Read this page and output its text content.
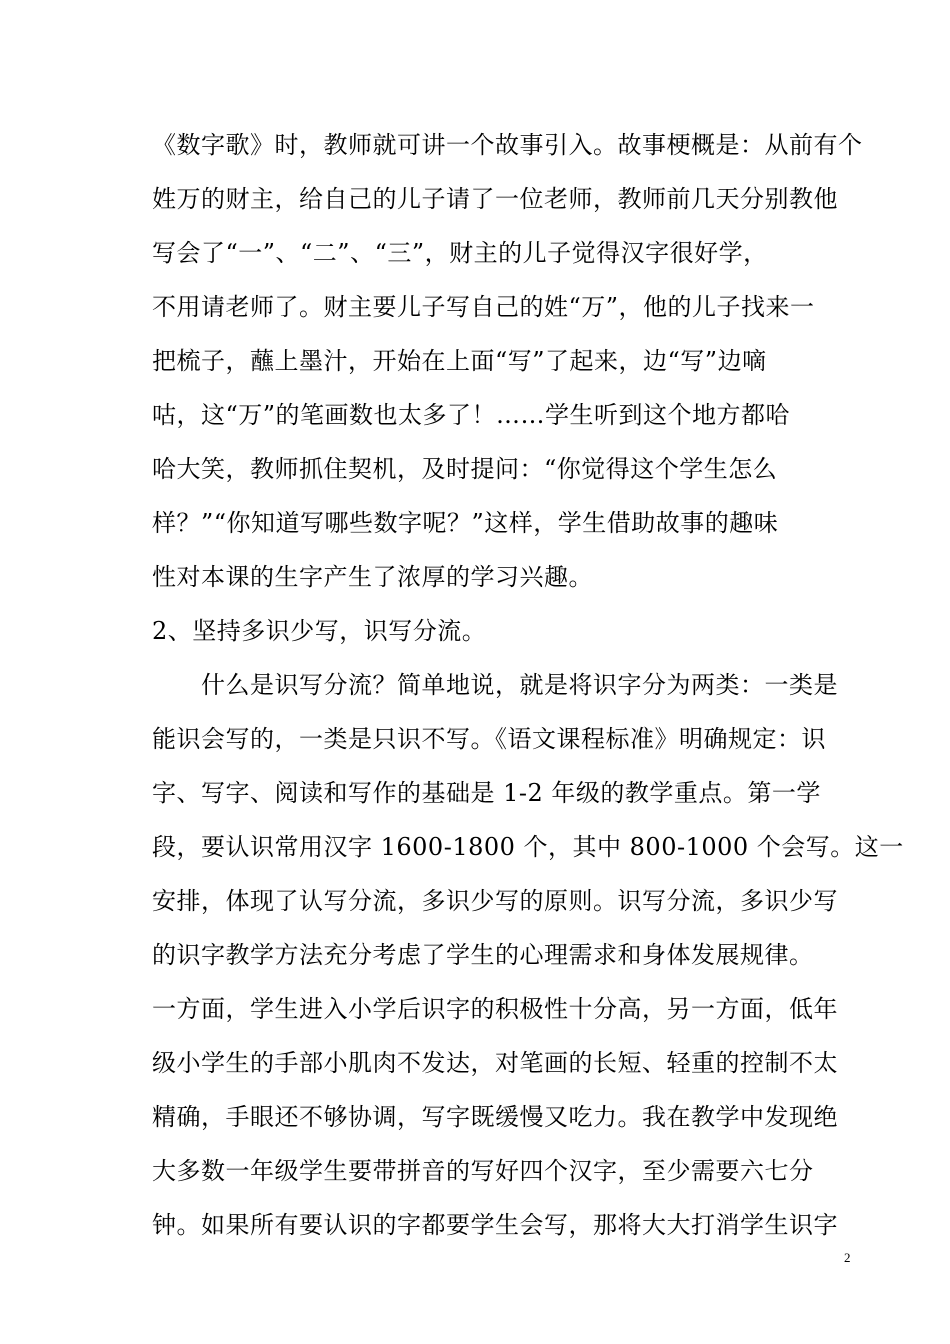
《数字歌》时，教师就可讲一个故事引入。故事梗概是：从前有个
姓万的财主，给自己的儿子请了一位老师，教师前几天分别教他
写会了“一”、“二”、“三”，财主的儿子觉得汉字很好学，
不用请老师了。财主要儿子写自己的姓“万”，他的儿子找来一
把梳子，蘸上墨汁，开始在上面“写”了起来，边“写”边嘀
咕，这“万”的笔画数也太多了！……学生听到这个地方都哈
哈大笑，教师抓住契机，及时提问：“你觉得这个学生怎么
样？”“你知道写哪些数字呢？”这样，学生借助故事的趣味
性对本课的生字产生了浓厚的学习兴趣。
2、坚持多识少写，识写分流。
什么是识写分流？简单地说，就是将识字分为两类：一类是
能识会写的，一类是只识不写。《语文课程标准》明确规定：识
字、写字、阅读和写作的基础是 1-2 年级的教学重点。第一学
段，要认识常用汉字 1600-1800 个，其中 800-1000 个会写。这一
安排，体现了认写分流，多识少写的原则。识写分流，多识少写
的识字教学方法充分考虑了学生的心理需求和身体发展规律。
一方面，学生进入小学后识字的积极性十分高，另一方面，低年
级小学生的手部小肌肉不发达，对笔画的长短、轻重的控制不太
精确，手眼还不够协调，写字既缓慢又吃力。我在教学中发现绝
大多数一年级学生要带拼音的写好四个汉字，至少需要六七分
钟。如果所有要认识的字都要学生会写，那将大大打消学生识字
2
